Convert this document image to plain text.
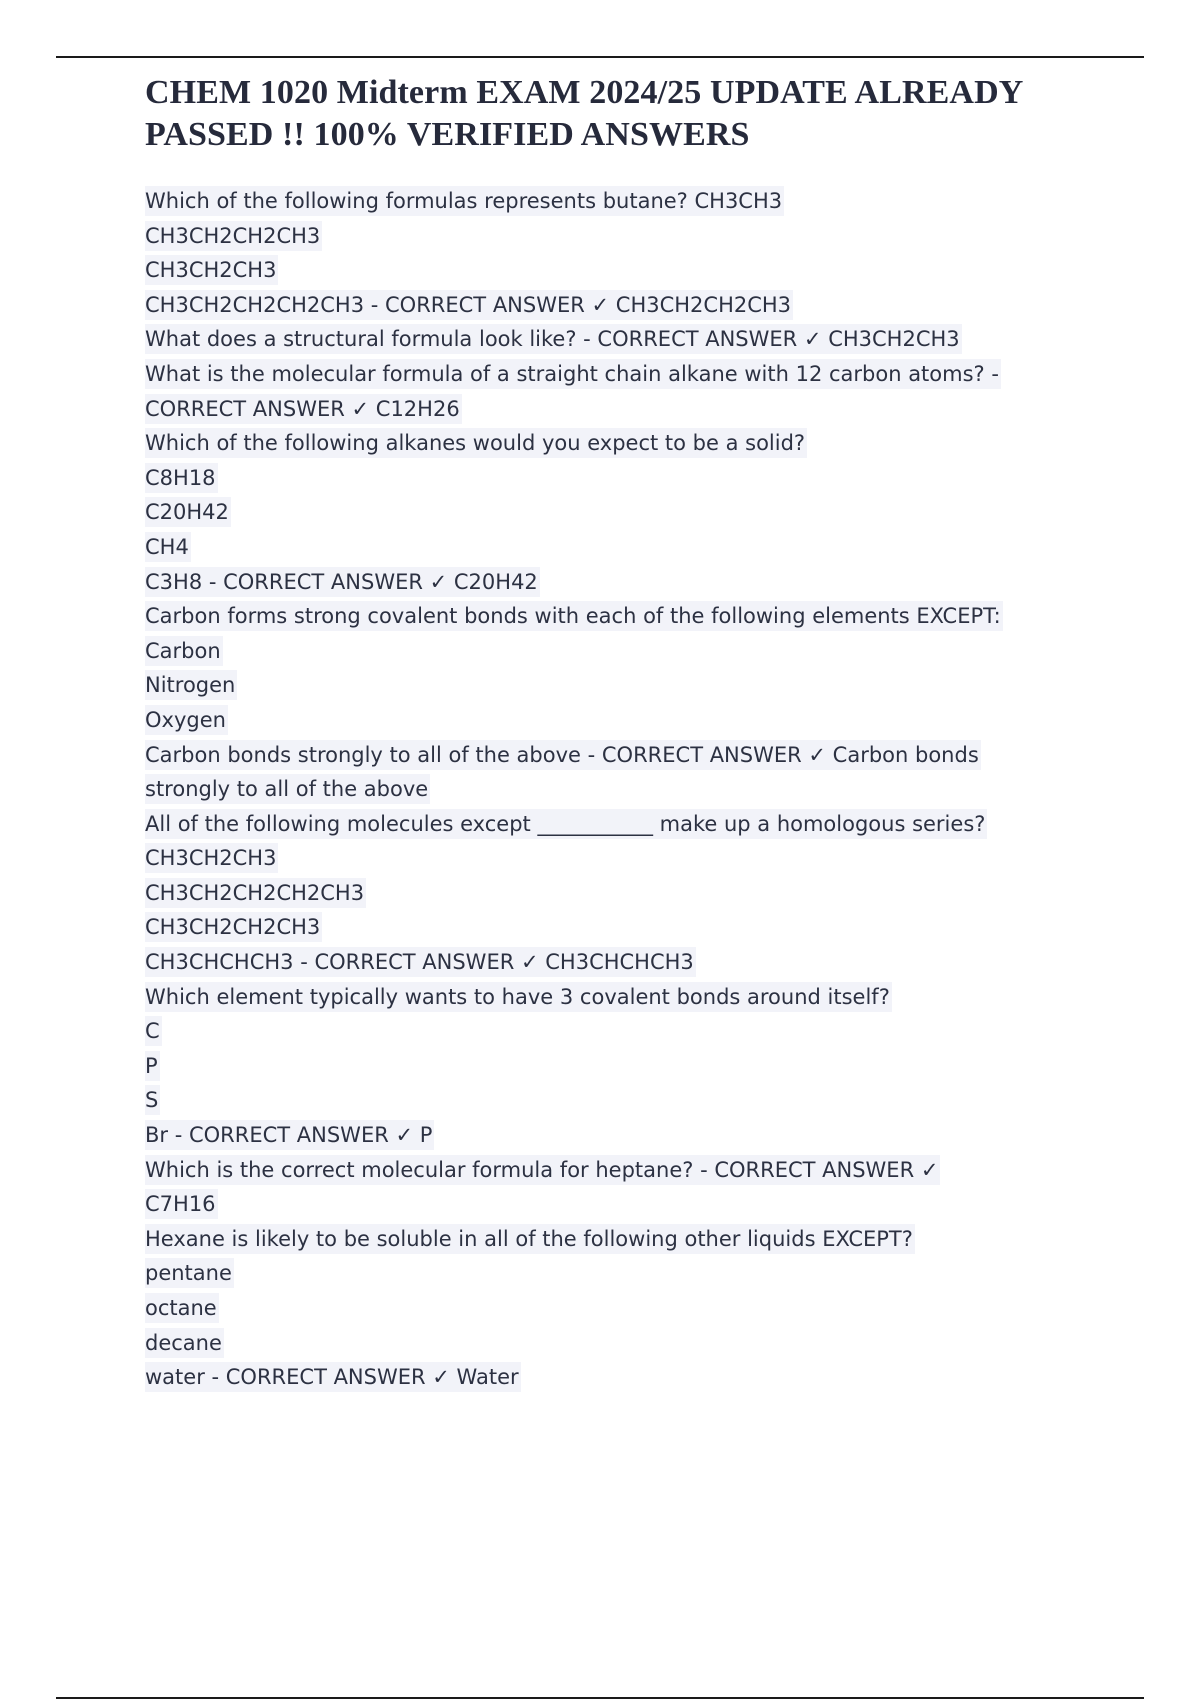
CHEM 1020 Midterm EXAM 2024/25 UPDATE ALREADY
PASSED !! 100% VERIFIED ANSWERS
Which of the following formulas represents butane? CH3CH3
CH3CH2CH2CH3
CH3CH2CH3
CH3CH2CH2CH2CH3 - CORRECT ANSWER ✓ CH3CH2CH2CH3
What does a structural formula look like? - CORRECT ANSWER ✓ CH3CH2CH3
What is the molecular formula of a straight chain alkane with 12 carbon atoms? -
CORRECT ANSWER ✓ C12H26
Which of the following alkanes would you expect to be a solid?
C8H18
C20H42
CH4
C3H8 - CORRECT ANSWER ✓ C20H42
Carbon forms strong covalent bonds with each of the following elements EXCEPT:
Carbon
Nitrogen
Oxygen
Carbon bonds strongly to all of the above - CORRECT ANSWER ✓ Carbon bonds
strongly to all of the above
All of the following molecules except ___________ make up a homologous series?
CH3CH2CH3
CH3CH2CH2CH2CH3
CH3CH2CH2CH3
CH3CHCHCH3 - CORRECT ANSWER ✓ CH3CHCHCH3
Which element typically wants to have 3 covalent bonds around itself?
C
P
S
Br - CORRECT ANSWER ✓ P
Which is the correct molecular formula for heptane? - CORRECT ANSWER ✓
C7H16
Hexane is likely to be soluble in all of the following other liquids EXCEPT?
pentane
octane
decane
water - CORRECT ANSWER ✓ Water
